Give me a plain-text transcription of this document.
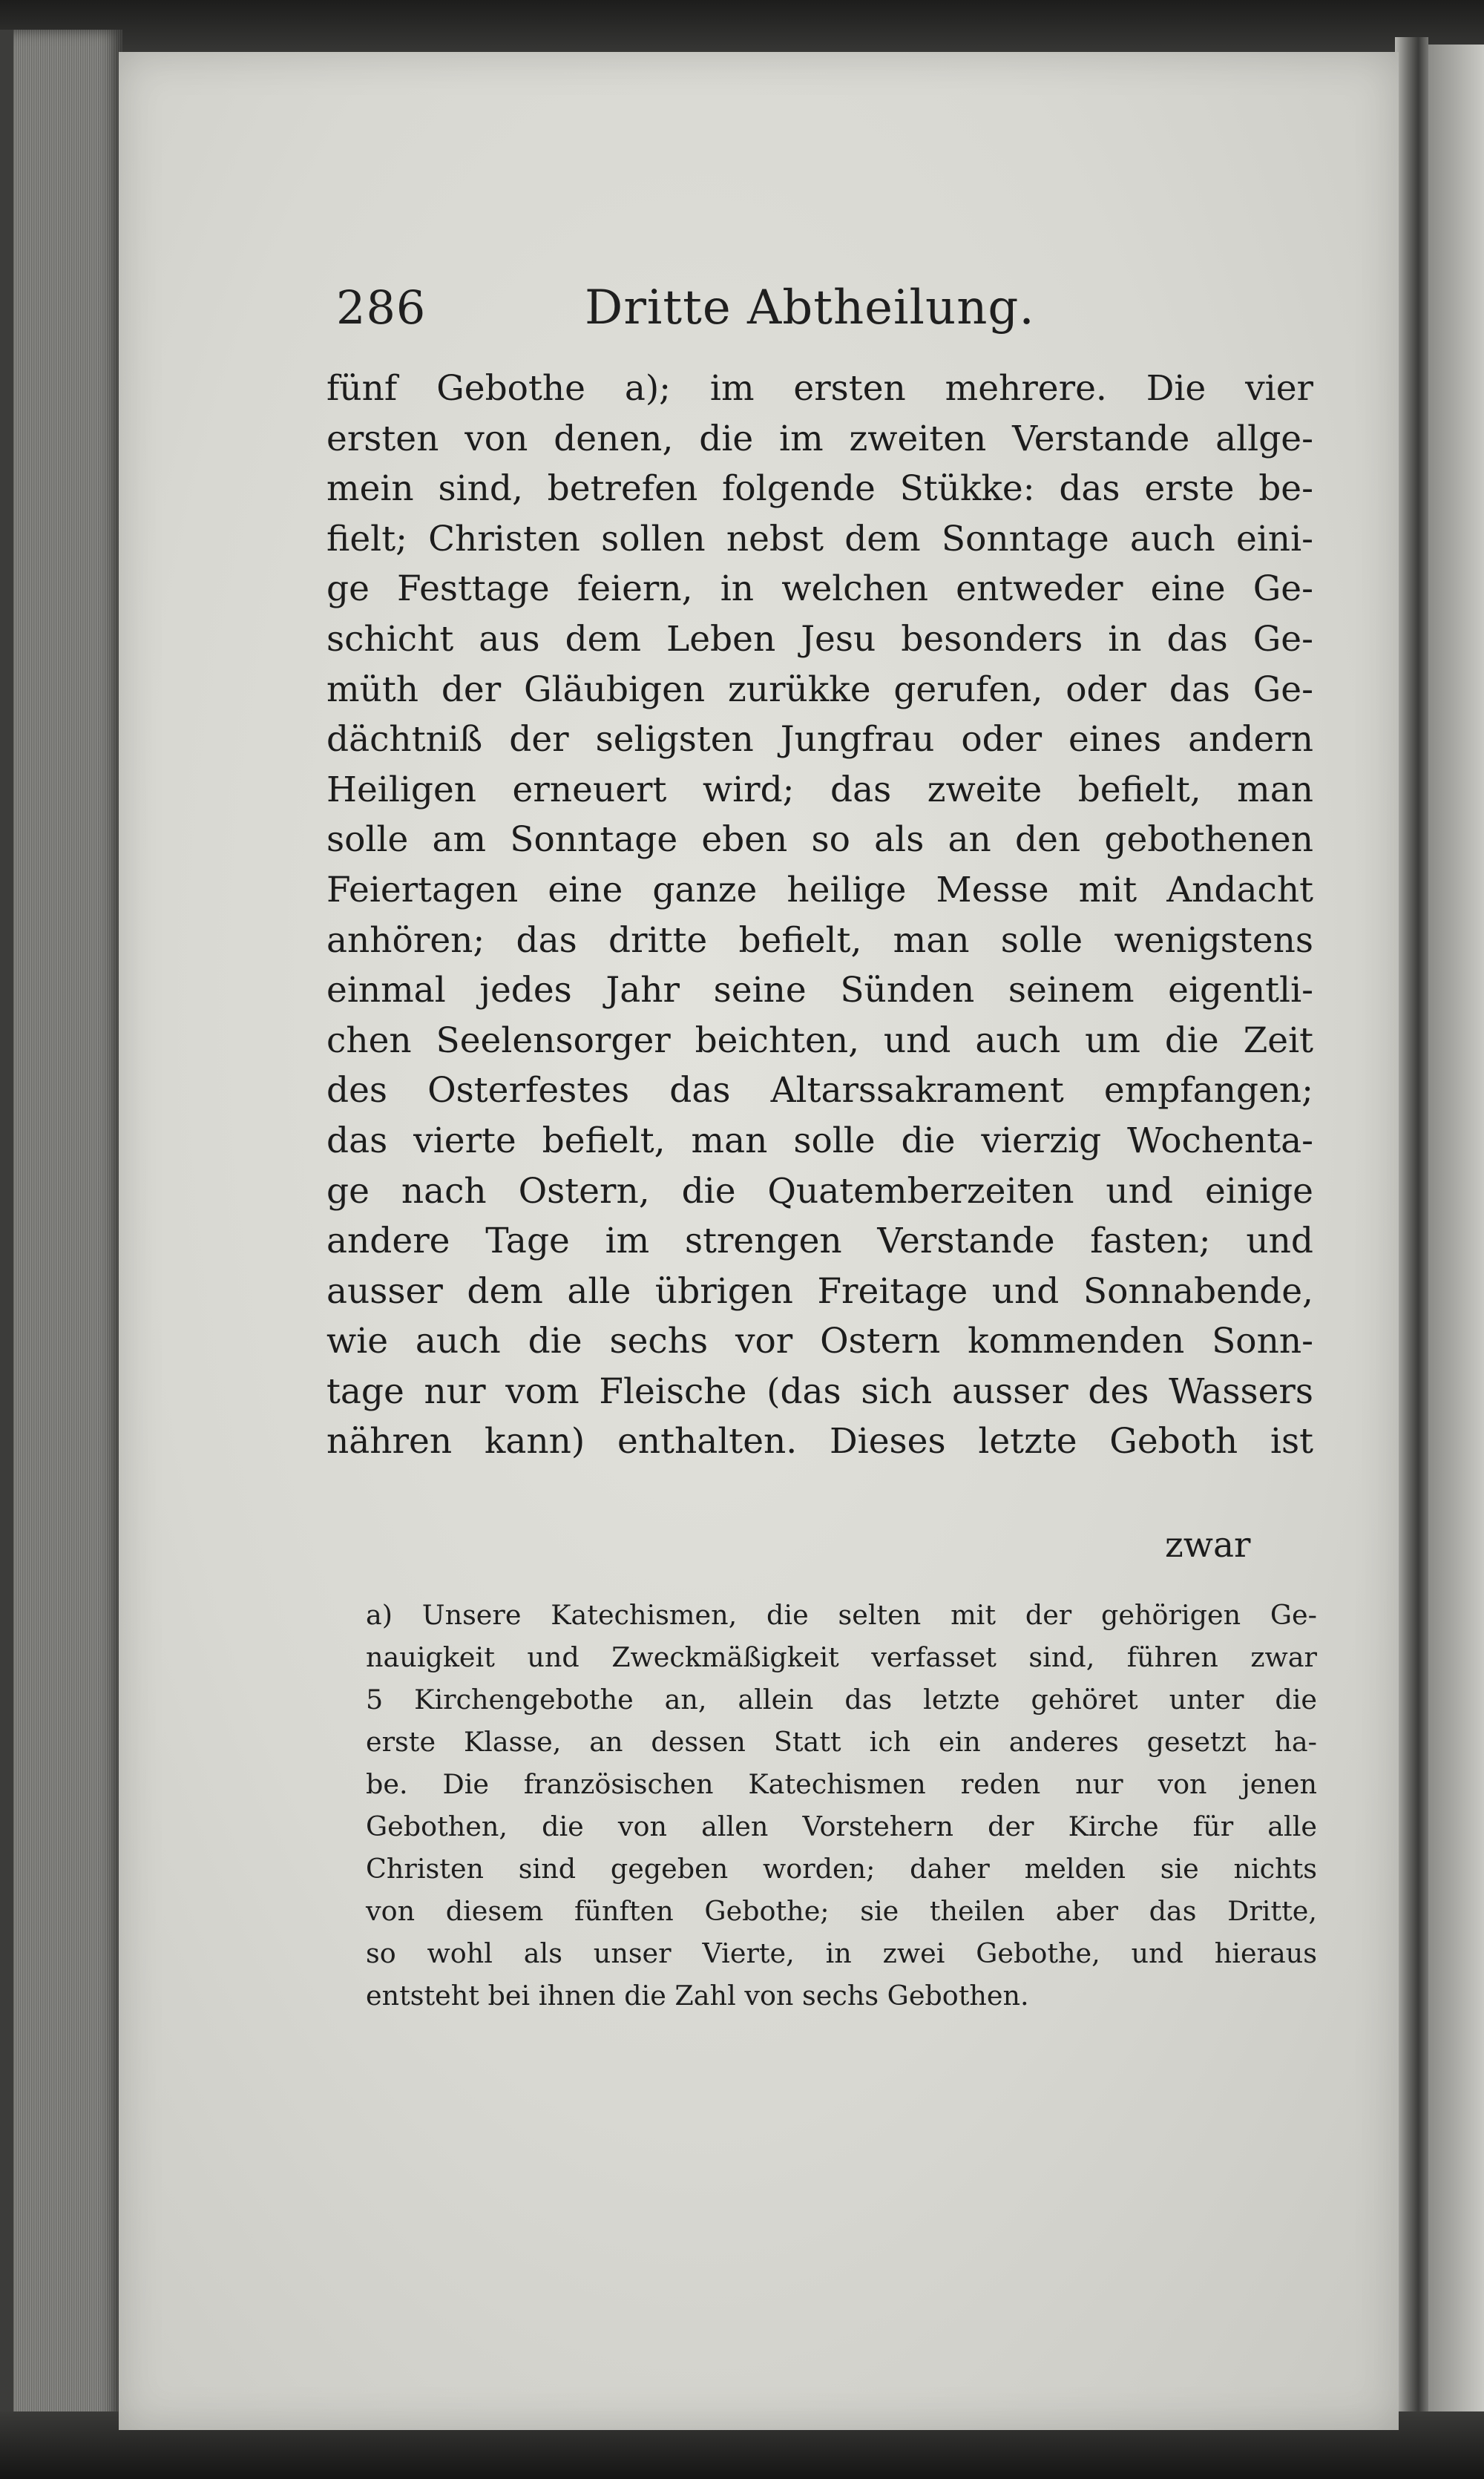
286	Dritte Abtheilung.
fünf Gebothe a); im ersten mehrere. Die vier
ersten von denen, die im zweiten Verstande allge-
mein sind, betrefen folgende Stükke: das erste be-
fielt; Christen sollen nebst dem Sonntage auch eini-
ge Festtage feiern, in welchen entweder eine Ge-
schicht aus dem Leben Jesu besonders in das Ge-
müth der Gläubigen zurükke gerufen, oder das Ge-
dächtniß der seligsten Jungfrau oder eines andern
Heiligen erneuert wird; das zweite befielt, man
solle am Sonntage eben so als an den gebothenen
Feiertagen eine ganze heilige Messe mit Andacht
anhören; das dritte befielt, man solle wenigstens
einmal jedes Jahr seine Sünden seinem eigentli-
chen Seelensorger beichten, und auch um die Zeit
des Osterfestes das Altarssakrament empfangen;
das vierte befielt, man solle die vierzig Wochenta-
ge nach Ostern, die Quatemberzeiten und einige
andere Tage im strengen Verstande fasten; und
ausser dem alle übrigen Freitage und Sonnabende,
wie auch die sechs vor Ostern kommenden Sonn-
tage nur vom Fleische (das sich ausser des Wassers
nähren kann) enthalten. Dieses letzte Geboth ist
zwar
a) Unsere Katechismen, die selten mit der gehörigen Ge-
nauigkeit und Zweckmäßigkeit verfasset sind, führen zwar
5 Kirchengebothe an, allein das letzte gehöret unter die
erste Klasse, an dessen Statt ich ein anderes gesetzt ha-
be. Die französischen Katechismen reden nur von jenen
Gebothen, die von allen Vorstehern der Kirche für alle
Christen sind gegeben worden; daher melden sie nichts
von diesem fünften Gebothe; sie theilen aber das Dritte,
so wohl als unser Vierte, in zwei Gebothe, und hieraus
entsteht bei ihnen die Zahl von sechs Gebothen.
